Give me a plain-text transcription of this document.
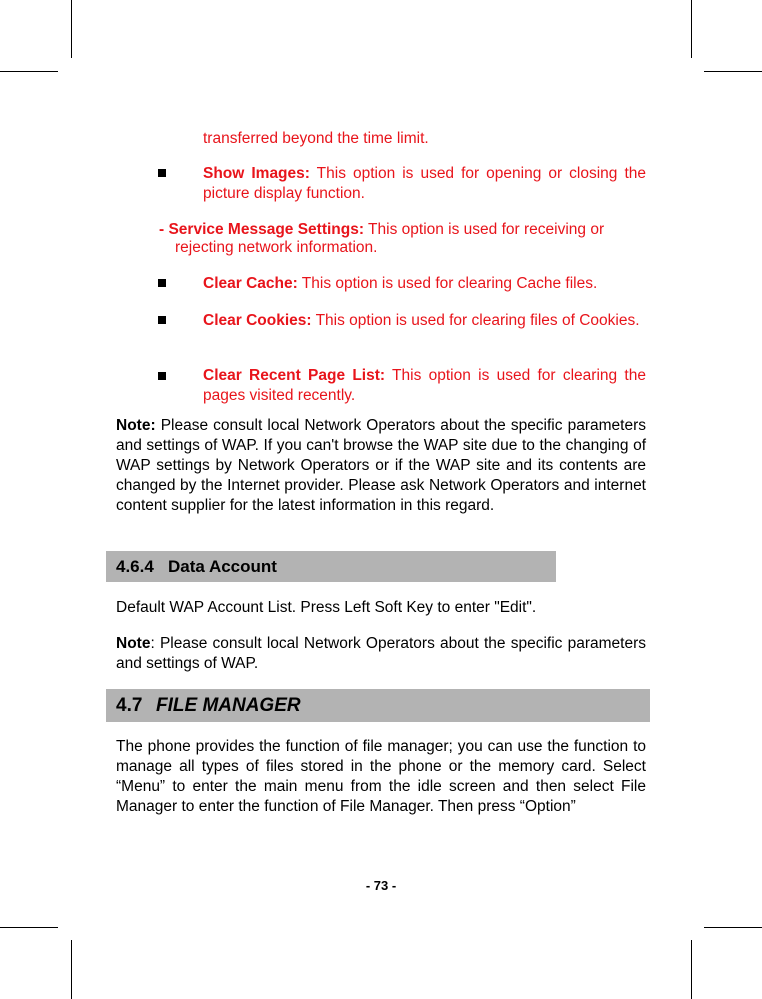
transferred beyond the time limit.
Show Images: This option is used for opening or closing the picture display function.
- Service Message Settings: This option is used for receiving or
rejecting network information.
Clear Cache: This option is used for clearing Cache files.
Clear Cookies: This option is used for clearing files of Cookies.
Clear Recent Page List: This option is used for clearing the pages visited recently.
Note: Please consult local Network Operators about the specific parameters and settings of WAP. If you can't browse the WAP site due to the changing of WAP settings by Network Operators or if the WAP site and its contents are changed by the Internet provider. Please ask Network Operators and internet content supplier for the latest information in this regard.
4.6.4 Data Account
Default WAP Account List. Press Left Soft Key to enter "Edit".
Note: Please consult local Network Operators about the specific parameters and settings of WAP.
4.7 FILE MANAGER
The phone provides the function of file manager; you can use the function to manage all types of files stored in the phone or the memory card. Select “Menu” to enter the main menu from the idle screen and then select File Manager to enter the function of File Manager. Then press “Option”
- 73 -
